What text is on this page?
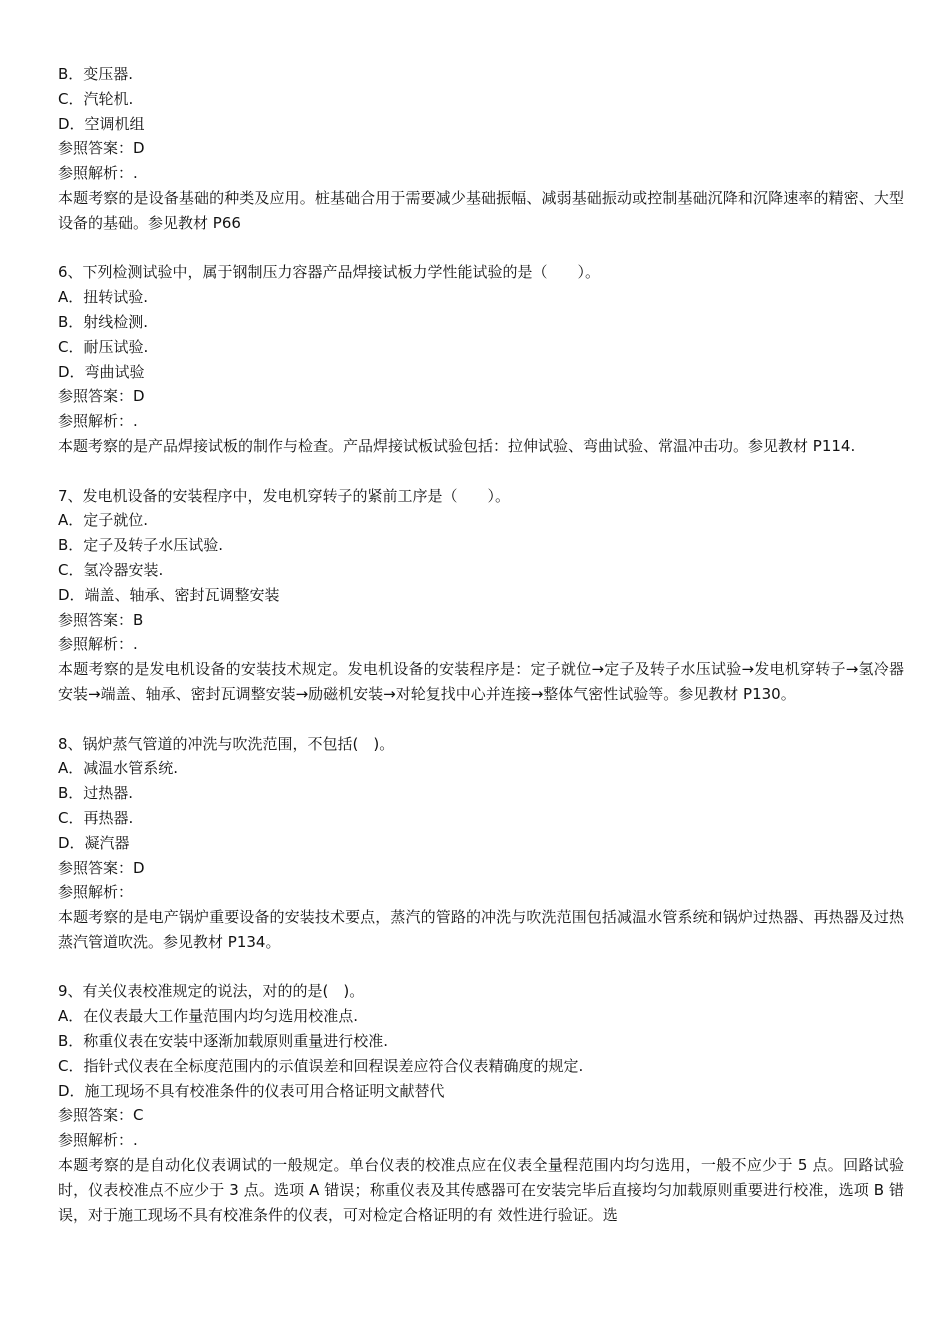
B．变压器.

C．汽轮机.

D．空调机组

参照答案：D

参照解析：.

本题考察的是设备基础的种类及应用。桩基础合用于需要减少基础振幅、减弱基础振动或控制基础沉降和沉降速率的精密、大型设备的基础。参见教材 P66

6、下列检测试验中，属于钢制压力容器产品焊接试板力学性能试验的是（　　）。

A．扭转试验.

B．射线检测.

C．耐压试验.

D．弯曲试验

参照答案：D

参照解析：.

本题考察的是产品焊接试板的制作与检查。产品焊接试板试验包括：拉伸试验、弯曲试验、常温冲击功。参见教材 P114.

7、发电机设备的安装程序中，发电机穿转子的紧前工序是（　　）。

A．定子就位.

B．定子及转子水压试验.

C．氢冷器安装.

D．端盖、轴承、密封瓦调整安装

参照答案：B

参照解析：.

本题考察的是发电机设备的安装技术规定。发电机设备的安装程序是：定子就位→定子及转子水压试验→发电机穿转子→氢冷器安装→端盖、轴承、密封瓦调整安装→励磁机安装→对轮复找中心并连接→整体气密性试验等。参见教材 P130。

8、锅炉蒸气管道的冲洗与吹洗范围，不包括(　)。

A．减温水管系统.

B．过热器.

C．再热器.

D．凝汽器

参照答案：D

参照解析：

本题考察的是电产锅炉重要设备的安装技术要点，蒸汽的管路的冲洗与吹洗范围包括减温水管系统和锅炉过热器、再热器及过热蒸汽管道吹洗。参见教材 P134。

9、有关仪表校准规定的说法，对的的是(　)。

A．在仪表最大工作量范围内均匀选用校准点.

B．称重仪表在安装中逐渐加载原则重量进行校准.

C．指针式仪表在全标度范围内的示值误差和回程误差应符合仪表精确度的规定.

D．施工现场不具有校准条件的仪表可用合格证明文献替代

参照答案：C

参照解析：.

本题考察的是自动化仪表调试的一般规定。单台仪表的校准点应在仪表全量程范围内均匀选用，一般不应少于 5 点。回路试验时，仪表校准点不应少于 3 点。选项 A 错误；称重仪表及其传感器可在安装完毕后直接均匀加载原则重要进行校准，选项 B 错误，对于施工现场不具有校准条件的仪表，可对检定合格证明的有 效性进行验证。选
